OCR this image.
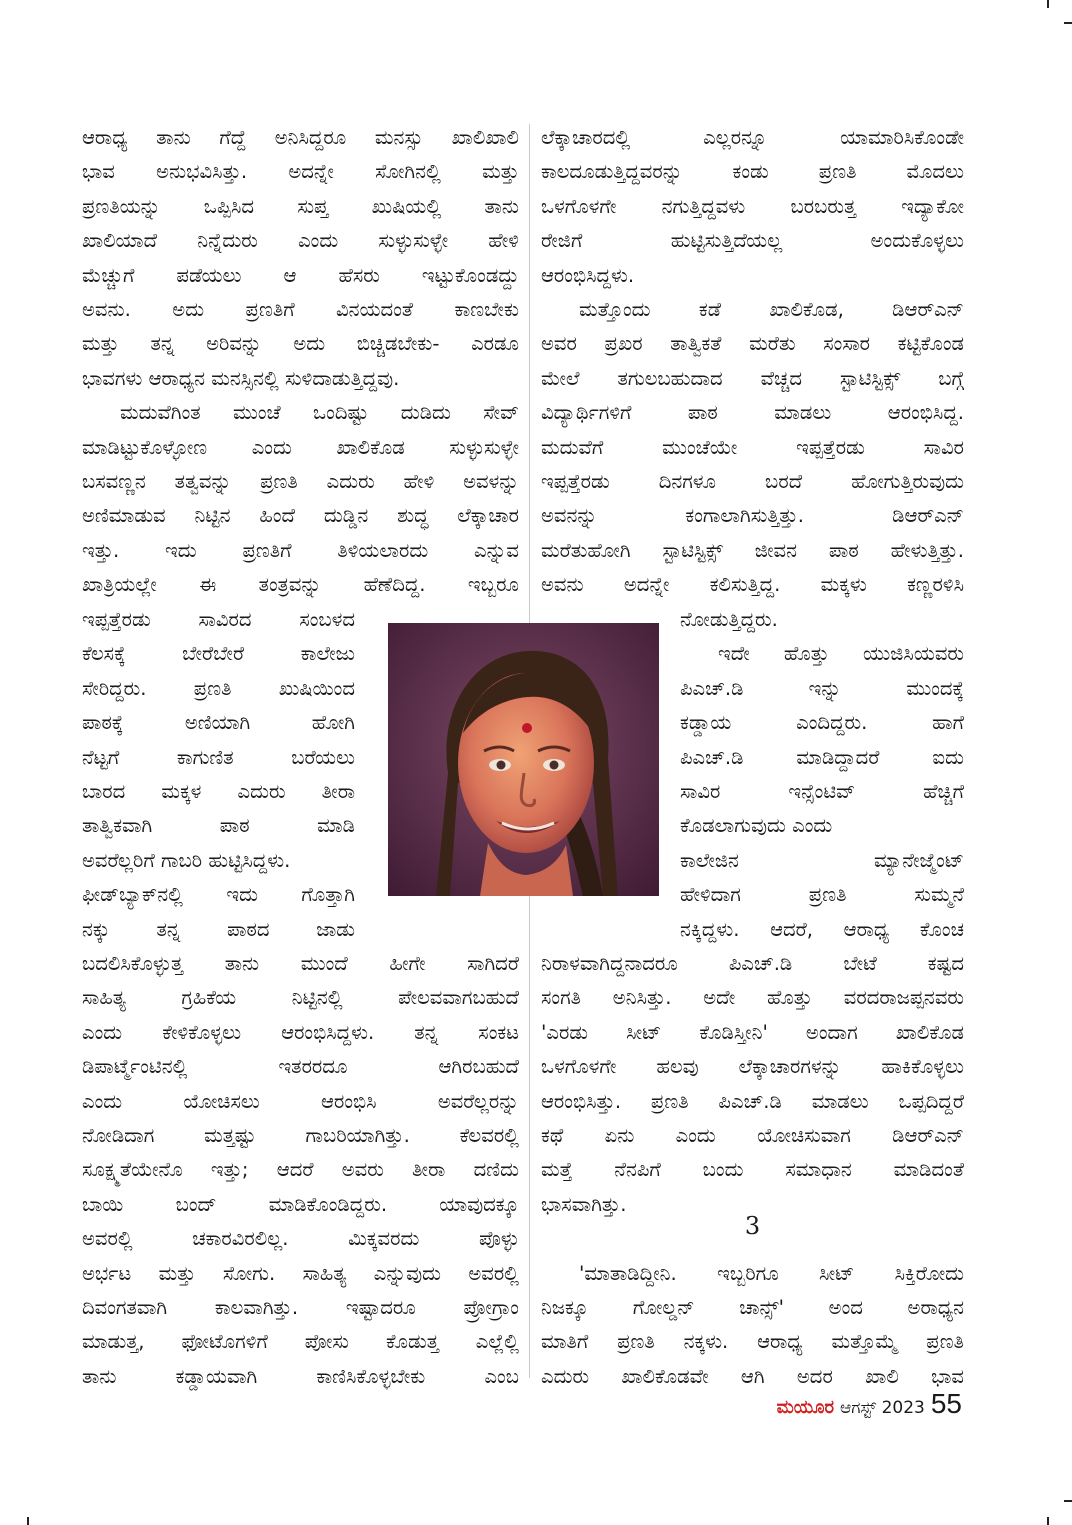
ಆರಾಧ್ಯ ತಾನು ಗೆದ್ದೆ ಅನಿಸಿದ್ದರೂ ಮನಸ್ಸು ಖಾಲಿಖಾಲಿ
ಭಾವ ಅನುಭವಿಸಿತ್ತು. ಅದನ್ನೇ ಸೋಗಿನಲ್ಲಿ ಮತ್ತು
ಪ್ರಣತಿಯನ್ನು ಒಪ್ಪಿಸಿದ ಸುಪ್ತ ಖುಷಿಯಲ್ಲಿ ತಾನು
ಖಾಲಿಯಾದೆ ನಿನ್ನೆದುರು ಎಂದು ಸುಳ್ಳುಸುಳ್ಳೇ ಹೇಳಿ
ಮೆಚ್ಚುಗೆ ಪಡೆಯಲು ಆ ಹೆಸರು ಇಟ್ಟುಕೊಂಡದ್ದು
ಅವನು. ಅದು ಪ್ರಣತಿಗೆ ವಿನಯದಂತೆ ಕಾಣಬೇಕು
ಮತ್ತು ತನ್ನ ಅರಿವನ್ನು ಅದು ಬಿಚ್ಚಿಡಬೇಕು- ಎರಡೂ
ಭಾವಗಳು ಆರಾಧ್ಯನ ಮನಸ್ಸಿನಲ್ಲಿ ಸುಳಿದಾಡುತ್ತಿದ್ದವು.
ಮದುವೆಗಿಂತ ಮುಂಚೆ ಒಂದಿಷ್ಟು ದುಡಿದು ಸೇವ್
ಮಾಡಿಟ್ಟುಕೊಳ್ಳೋಣ ಎಂದು ಖಾಲಿಕೊಡ ಸುಳ್ಳುಸುಳ್ಳೇ
ಬಸವಣ್ಣನ ತತ್ವವನ್ನು ಪ್ರಣತಿ ಎದುರು ಹೇಳಿ ಅವಳನ್ನು
ಅಣಿಮಾಡುವ ನಿಟ್ಟಿನ ಹಿಂದೆ ದುಡ್ಡಿನ ಶುದ್ಧ ಲೆಕ್ಕಾಚಾರ
ಇತ್ತು. ಇದು ಪ್ರಣತಿಗೆ ತಿಳಿಯಲಾರದು ಎನ್ನುವ
ಖಾತ್ರಿಯಲ್ಲೇ ಈ ತಂತ್ರವನ್ನು ಹೆಣೆದಿದ್ದ. ಇಬ್ಬರೂ
ಇಪ್ಪತ್ತೆರಡು ಸಾವಿರದ ಸಂಬಳದ
ಕೆಲಸಕ್ಕೆ ಬೇರೆಬೇರೆ ಕಾಲೇಜು
ಸೇರಿದ್ದರು. ಪ್ರಣತಿ ಖುಷಿಯಿಂದ
ಪಾಠಕ್ಕೆ ಅಣಿಯಾಗಿ ಹೋಗಿ
ನೆಟ್ಟಗೆ ಕಾಗುಣಿತ ಬರೆಯಲು
ಬಾರದ ಮಕ್ಕಳ ಎದುರು ತೀರಾ
ತಾತ್ವಿಕವಾಗಿ ಪಾಠ ಮಾಡಿ
ಅವರೆಲ್ಲರಿಗೆ ಗಾಬರಿ ಹುಟ್ಟಿಸಿದ್ದಳು.
ಫೀಡ್‌ಬ್ಯಾಕ್‌ನಲ್ಲಿ ಇದು ಗೊತ್ತಾಗಿ
ನಕ್ಕು ತನ್ನ ಪಾಠದ ಜಾಡು
ಬದಲಿಸಿಕೊಳ್ಳುತ್ತ ತಾನು ಮುಂದೆ ಹೀಗೇ ಸಾಗಿದರೆ
ಸಾಹಿತ್ಯ ಗ್ರಹಿಕೆಯ ನಿಟ್ಟಿನಲ್ಲಿ ಪೇಲವವಾಗಬಹುದೆ
ಎಂದು ಕೇಳಿಕೊಳ್ಳಲು ಆರಂಭಿಸಿದ್ದಳು. ತನ್ನ ಸಂಕಟ
ಡಿಪಾರ್ಟ್ಮೆಂಟಿನಲ್ಲಿ ಇತರರದೂ ಆಗಿರಬಹುದೆ
ಎಂದು ಯೋಚಿಸಲು ಆರಂಭಿಸಿ ಅವರೆಲ್ಲರನ್ನು
ನೋಡಿದಾಗ ಮತ್ತಷ್ಟು ಗಾಬರಿಯಾಗಿತ್ತು. ಕೆಲವರಲ್ಲಿ
ಸೂಕ್ಷ್ಮತೆಯೇನೊ ಇತ್ತು; ಆದರೆ ಅವರು ತೀರಾ ದಣಿದು
ಬಾಯಿ ಬಂದ್ ಮಾಡಿಕೊಂಡಿದ್ದರು. ಯಾವುದಕ್ಕೂ
ಅವರಲ್ಲಿ ಚಕಾರವಿರಲಿಲ್ಲ. ಮಿಕ್ಕವರದು ಪೊಳ್ಳು
ಅರ್ಭಟ ಮತ್ತು ಸೋಗು. ಸಾಹಿತ್ಯ ಎನ್ನುವುದು ಅವರಲ್ಲಿ
ದಿವಂಗತವಾಗಿ ಕಾಲವಾಗಿತ್ತು. ಇಷ್ಟಾದರೂ ಪ್ರೋಗ್ರಾಂ
ಮಾಡುತ್ತ, ಫೋಟೊಗಳಿಗೆ ಪೋಸು ಕೊಡುತ್ತ ಎಲ್ಲೆಲ್ಲಿ
ತಾನು ಕಡ್ಡಾಯವಾಗಿ ಕಾಣಿಸಿಕೊಳ್ಳಬೇಕು ಎಂಬ
ಲೆಕ್ಕಾಚಾರದಲ್ಲಿ ಎಲ್ಲರನ್ನೂ ಯಾಮಾರಿಸಿಕೊಂಡೇ
ಕಾಲದೂಡುತ್ತಿದ್ದವರನ್ನು ಕಂಡು ಪ್ರಣತಿ ಮೊದಲು
ಒಳಗೊಳಗೇ ನಗುತ್ತಿದ್ದವಳು ಬರಬರುತ್ತ ಇದ್ಯಾಕೋ
ರೇಜಿಗೆ ಹುಟ್ಟಿಸುತ್ತಿದೆಯಲ್ಲ ಅಂದುಕೊಳ್ಳಲು
ಆರಂಭಿಸಿದ್ದಳು.
ಮತ್ತೊಂದು ಕಡೆ ಖಾಲಿಕೊಡ, ಡಿಆರ್‌ಎನ್
ಅವರ ಪ್ರಖರ ತಾತ್ವಿಕತೆ ಮರೆತು ಸಂಸಾರ ಕಟ್ಟಿಕೊಂಡ
ಮೇಲೆ ತಗುಲಬಹುದಾದ ವೆಚ್ಚದ ಸ್ಟಾಟಿಸ್ಟಿಕ್ಸ್ ಬಗ್ಗೆ
ವಿದ್ಯಾರ್ಥಿಗಳಿಗೆ ಪಾಠ ಮಾಡಲು ಆರಂಭಿಸಿದ್ದ.
ಮದುವೆಗೆ ಮುಂಚೆಯೇ ಇಪ್ಪತ್ತೆರಡು ಸಾವಿರ
ಇಪ್ಪತ್ತೆರಡು ದಿನಗಳೂ ಬರದೆ ಹೋಗುತ್ತಿರುವುದು
ಅವನನ್ನು ಕಂಗಾಲಾಗಿಸುತ್ತಿತ್ತು. ಡಿಆರ್‌ಎನ್
ಮರೆತುಹೋಗಿ ಸ್ಟಾಟಿಸ್ಟಿಕ್ಸ್ ಜೀವನ ಪಾಠ ಹೇಳುತ್ತಿತ್ತು.
ಅವನು ಅದನ್ನೇ ಕಲಿಸುತ್ತಿದ್ದ. ಮಕ್ಕಳು ಕಣ್ಣರಳಿಸಿ
ನೋಡುತ್ತಿದ್ದರು.
ಇದೇ ಹೊತ್ತು ಯುಜಿಸಿಯವರು
ಪಿಎಚ್.ಡಿ ಇನ್ನು ಮುಂದಕ್ಕೆ
ಕಡ್ಡಾಯ ಎಂದಿದ್ದರು. ಹಾಗೆ
ಪಿಎಚ್.ಡಿ ಮಾಡಿದ್ದಾದರೆ ಐದು
ಸಾವಿರ ಇನ್ಸೆಂಟಿವ್ ಹೆಚ್ಚಿಗೆ
ಕೊಡಲಾಗುವುದು ಎಂದು
ಕಾಲೇಜಿನ ಮ್ಯಾನೇಜ್ಮೆಂಟ್
ಹೇಳಿದಾಗ ಪ್ರಣತಿ ಸುಮ್ಮನೆ
ನಕ್ಕಿದ್ದಳು. ಆದರೆ, ಆರಾಧ್ಯ ಕೊಂಚ
ನಿರಾಳವಾಗಿದ್ದನಾದರೂ ಪಿಎಚ್.ಡಿ ಬೇಟೆ ಕಷ್ಟದ
ಸಂಗತಿ ಅನಿಸಿತ್ತು. ಅದೇ ಹೊತ್ತು ವರದರಾಜಪ್ಪನವರು
'ಎರಡು ಸೀಟ್ ಕೊಡಿಸ್ತೀನಿ' ಅಂದಾಗ ಖಾಲಿಕೊಡ
ಒಳಗೊಳಗೇ ಹಲವು ಲೆಕ್ಕಾಚಾರಗಳನ್ನು ಹಾಕಿಕೊಳ್ಳಲು
ಆರಂಭಿಸಿತ್ತು. ಪ್ರಣತಿ ಪಿಎಚ್.ಡಿ ಮಾಡಲು ಒಪ್ಪದಿದ್ದರೆ
ಕಥೆ ಏನು ಎಂದು ಯೋಚಿಸುವಾಗ ಡಿಆರ್‌ಎನ್
ಮತ್ತೆ ನೆನಪಿಗೆ ಬಂದು ಸಮಾಧಾನ ಮಾಡಿದಂತೆ
ಭಾಸವಾಗಿತ್ತು.
'ಮಾತಾಡಿದ್ದೀನಿ. ಇಬ್ಬರಿಗೂ ಸೀಟ್ ಸಿಕ್ತಿರೋದು
ನಿಜಕ್ಕೂ ಗೋಲ್ಡನ್ ಚಾನ್ಸ್' ಅಂದ ಅರಾಧ್ಯನ
ಮಾತಿಗೆ ಪ್ರಣತಿ ನಕ್ಕಳು. ಆರಾಧ್ಯ ಮತ್ತೊಮ್ಮೆ ಪ್ರಣತಿ
ಎದುರು ಖಾಲಿಕೊಡವೇ ಆಗಿ ಅದರ ಖಾಲಿ ಭಾವ
3
ಮಯೂರ ಆಗಸ್ಟ್ 2023 55
